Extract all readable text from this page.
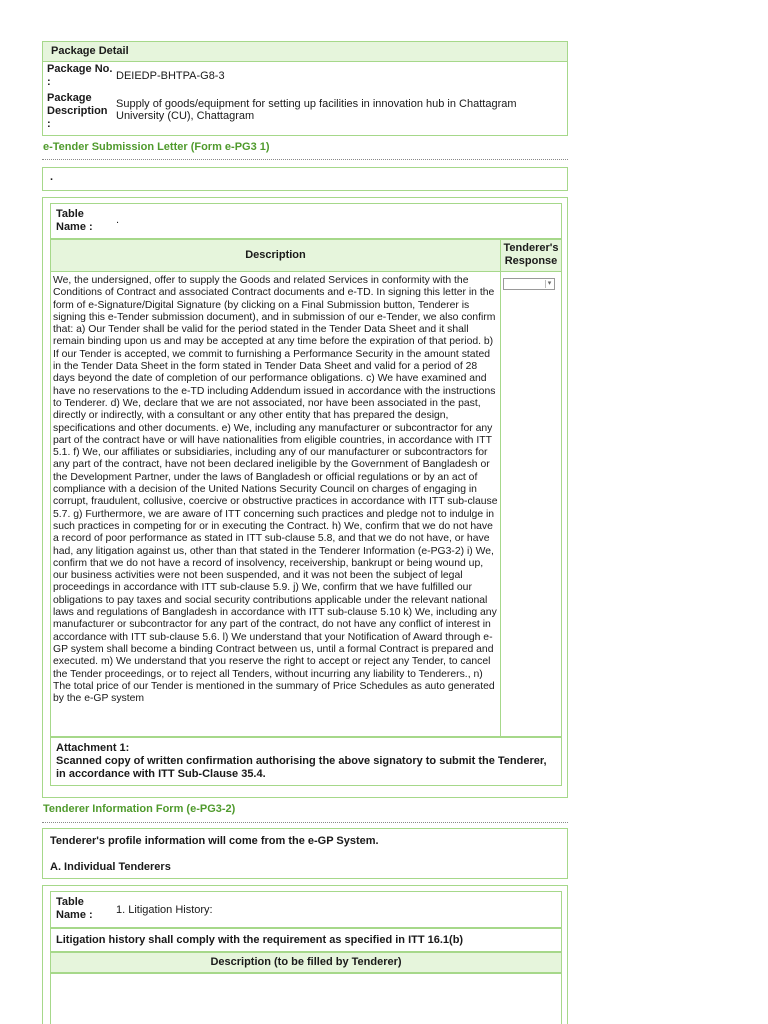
Package Detail
Package No. :	DEIEDP-BHTPA-G8-3
Package Description :
Supply of goods/equipment for setting up facilities in innovation hub in Chattagram University (CU), Chattagram
e-Tender Submission Letter (Form e-PG3 1)
.
Table Name :
.
Description
Tenderer's Response

We, the undersigned, offer to supply the Goods and related Services in conformity with the Conditions of Contract and associated Contract documents and e-TD. In signing this letter in the form of e-Signature/Digital Signature (by clicking on a Final Submission button, Tenderer is signing this e-Tender submission document), and in submission of our e-Tender, we also confirm that: a) Our Tender shall be valid for the period stated in the Tender Data Sheet and it shall remain binding upon us and may be accepted at any time before the expiration of that period. b) If our Tender is accepted, we commit to furnishing a Performance Security in the amount stated in the Tender Data Sheet in the form stated in Tender Data Sheet and valid for a period of 28 days beyond the date of completion of our performance obligations. c) We have examined and have no reservations to the e-TD including Addendum issued in accordance with the instructions to Tenderer. d) We, declare that we are not associated, nor have been associated in the past, directly or indirectly, with a consultant or any other entity that has prepared the design, specifications and other documents. e) We, including any manufacturer or subcontractor for any part of the contract have or will have nationalities from eligible countries, in accordance with ITT 5.1. f) We, our affiliates or subsidiaries, including any of our manufacturer or subcontractors for any part of the contract, have not been declared ineligible by the Government of Bangladesh or the Development Partner, under the laws of Bangladesh or official regulations or by an act of compliance with a decision of the United Nations Security Council on charges of engaging in corrupt, fraudulent, collusive, coercive or obstructive practices in accordance with ITT sub-clause 5.7. g) Furthermore, we are aware of ITT concerning such practices and pledge not to indulge in such practices in competing for or in executing the Contract. h) We, confirm that we do not have a record of poor performance as stated in ITT sub-clause 5.8, and that we do not have, or have had, any litigation against us, other than that stated in the Tenderer Information (e-PG3-2) i) We, confirm that we do not have a record of insolvency, receivership, bankrupt or being wound up, our business activities were not been suspended, and it was not been the subject of legal proceedings in accordance with ITT sub-clause 5.9. j) We, confirm that we have fulfilled our obligations to pay taxes and social security contributions applicable under the relevant national laws and regulations of Bangladesh in accordance with ITT sub-clause 5.10 k) We, including any manufacturer or subcontractor for any part of the contract, do not have any conflict of interest in accordance with ITT sub-clause 5.6. l) We understand that your Notification of Award through e-GP system shall become a binding Contract between us, until a formal Contract is prepared and executed. m) We understand that you reserve the right to accept or reject any Tender, to cancel the Tender proceedings, or to reject all Tenders, without incurring any liability to Tenderers., n) The total price of our Tender is mentioned in the summary of Price Schedules as auto generated by the e-GP system

▾
Attachment 1:
Scanned copy of written confirmation authorising the above signatory to submit the Tenderer, in accordance with ITT Sub-Clause 35.4.
Tenderer Information Form (e-PG3-2)
Tenderer's profile information will come from the e-GP System.
A. Individual Tenderers
Table Name :	1. Litigation History:
Litigation history shall comply with the requirement as specified in ITT 16.1(b)
Description (to be filled by Tenderer)
